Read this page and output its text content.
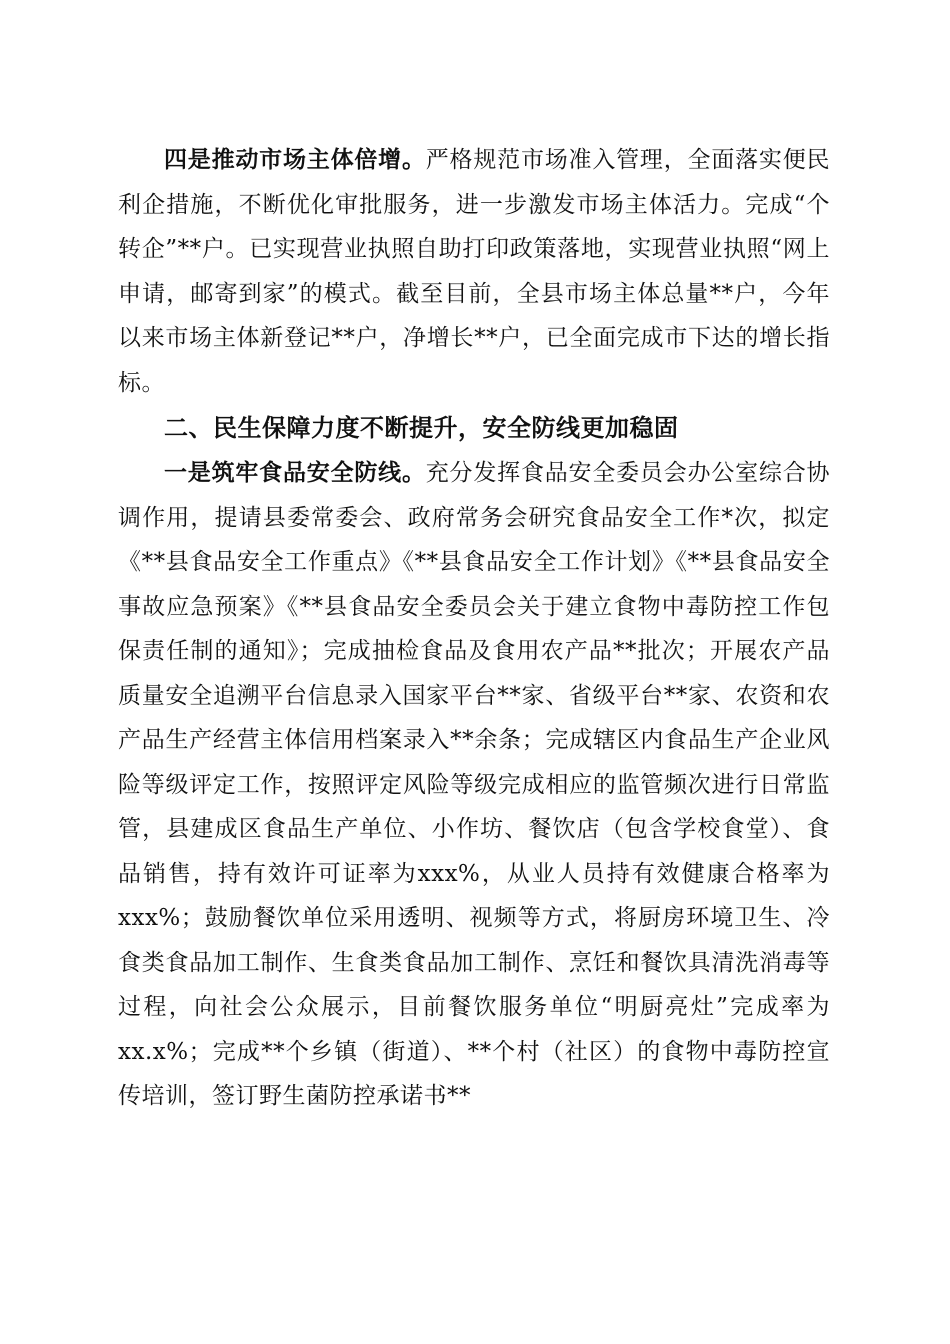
四是推动市场主体倍增。严格规范市场准入管理，全面落实便民利企措施，不断优化审批服务，进一步激发市场主体活力。完成“个转企”**户。已实现营业执照自助打印政策落地，实现营业执照“网上申请，邮寄到家”的模式。截至目前，全县市场主体总量**户，今年以来市场主体新登记**户，净增长**户，已全面完成市下达的增长指标。

二、民生保障力度不断提升，安全防线更加稳固

一是筑牢食品安全防线。充分发挥食品安全委员会办公室综合协调作用，提请县委常委会、政府常务会研究食品安全工作*次，拟定《**县食品安全工作重点》《**县食品安全工作计划》《**县食品安全事故应急预案》《**县食品安全委员会关于建立食物中毒防控工作包保责任制的通知》；完成抽检食品及食用农产品**批次；开展农产品质量安全追溯平台信息录入国家平台**家、省级平台**家、农资和农产品生产经营主体信用档案录入**余条；完成辖区内食品生产企业风险等级评定工作，按照评定风险等级完成相应的监管频次进行日常监管，县建成区食品生产单位、小作坊、餐饮店（包含学校食堂）、食品销售，持有效许可证率为xxx%，从业人员持有效健康合格率为xxx%；鼓励餐饮单位采用透明、视频等方式，将厨房环境卫生、冷食类食品加工制作、生食类食品加工制作、烹饪和餐饮具清洗消毒等过程，向社会公众展示，目前餐饮服务单位“明厨亮灶”完成率为xx.x%；完成**个乡镇（街道）、**个村（社区）的食物中毒防控宣传培训，签订野生菌防控承诺书**
